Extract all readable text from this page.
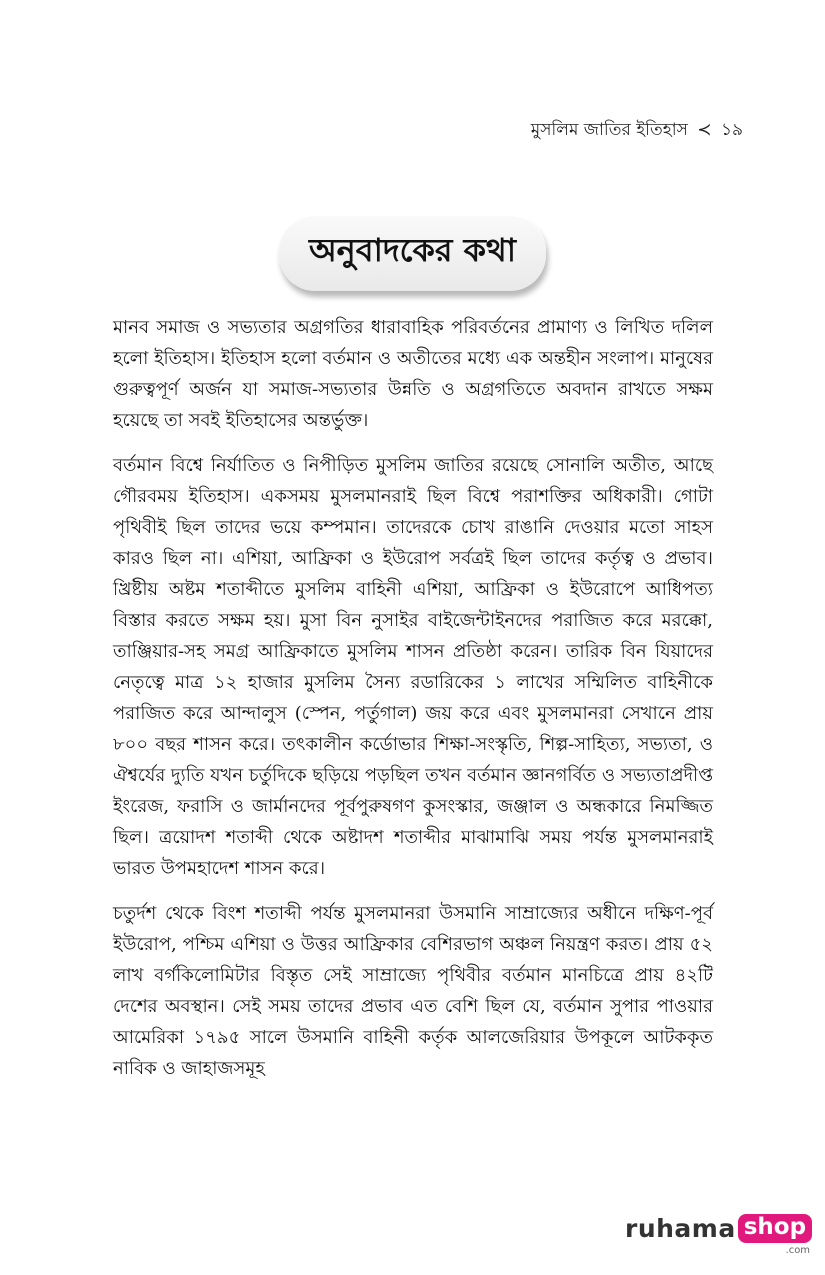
মুসলিম জাতির ইতিহাস ≺ ১৯
অনুবাদকের কথা

মানব সমাজ ও সভ্যতার অগ্রগতির ধারাবাহিক পরিবর্তনের প্রামাণ্য ও লিখিত দলিল হলো ইতিহাস। ইতিহাস হলো বর্তমান ও অতীতের মধ্যে এক অন্তহীন সংলাপ। মানুষের গুরুত্বপূর্ণ অর্জন যা সমাজ-সভ্যতার উন্নতি ও অগ্রগতিতে অবদান রাখতে সক্ষম হয়েছে তা সবই ইতিহাসের অন্তর্ভুক্ত।

বর্তমান বিশ্বে নির্যাতিত ও নিপীড়িত মুসলিম জাতির রয়েছে সোনালি অতীত, আছে গৌরবময় ইতিহাস। একসময় মুসলমানরাই ছিল বিশ্বে পরাশক্তির অধিকারী। গোটা পৃথিবীই ছিল তাদের ভয়ে কম্পমান। তাদেরকে চোখ রাঙানি দেওয়ার মতো সাহস কারও ছিল না। এশিয়া, আফ্রিকা ও ইউরোপ সর্বত্রই ছিল তাদের কর্তৃত্ব ও প্রভাব। খ্রিষ্টীয় অষ্টম শতাব্দীতে মুসলিম বাহিনী এশিয়া, আফ্রিকা ও ইউরোপে আধিপত্য বিস্তার করতে সক্ষম হয়। মুসা বিন নুসাইর বাইজেন্টাইনদের পরাজিত করে মরক্কো, তাঞ্জিয়ার-সহ সমগ্র আফ্রিকাতে মুসলিম শাসন প্রতিষ্ঠা করেন। তারিক বিন যিয়াদের নেতৃত্বে মাত্র ১২ হাজার মুসলিম সৈন্য রডারিকের ১ লাখের সম্মিলিত বাহিনীকে পরাজিত করে আন্দালুস (স্পেন, পর্তুগাল) জয় করে এবং মুসলমানরা সেখানে প্রায় ৮০০ বছর শাসন করে। তৎকালীন কর্ডোভার শিক্ষা-সংস্কৃতি, শিল্প-সাহিত্য, সভ্যতা, ও ঐশ্বর্যের দ্যুতি যখন চর্তুদিকে ছড়িয়ে পড়ছিল তখন বর্তমান জ্ঞানগর্বিত ও সভ্যতাপ্রদীপ্ত ইংরেজ, ফরাসি ও জার্মানদের পূর্বপুরুষগণ কুসংস্কার, জঞ্জাল ও অন্ধকারে নিমজ্জিত ছিল। ত্রয়োদশ শতাব্দী থেকে অষ্টাদশ শতাব্দীর মাঝামাঝি সময় পর্যন্ত মুসলমানরাই ভারত উপমহাদেশ শাসন করে।

চতুর্দশ থেকে বিংশ শতাব্দী পর্যন্ত মুসলমানরা উসমানি সাম্রাজ্যের অধীনে দক্ষিণ-পূর্ব ইউরোপ, পশ্চিম এশিয়া ও উত্তর আফ্রিকার বেশিরভাগ অঞ্চল নিয়ন্ত্রণ করত। প্রায় ৫২ লাখ বর্গকিলোমিটার বিস্তৃত সেই সাম্রাজ্যে পৃথিবীর বর্তমান মানচিত্রে প্রায় ৪২টি দেশের অবস্থান। সেই সময় তাদের প্রভাব এত বেশি ছিল যে, বর্তমান সুপার পাওয়ার আমেরিকা ১৭৯৫ সালে উসমানি বাহিনী কর্তৃক আলজেরিয়ার উপকূলে আটককৃত নাবিক ও জাহাজসমূহ

ruhama shop
.com
